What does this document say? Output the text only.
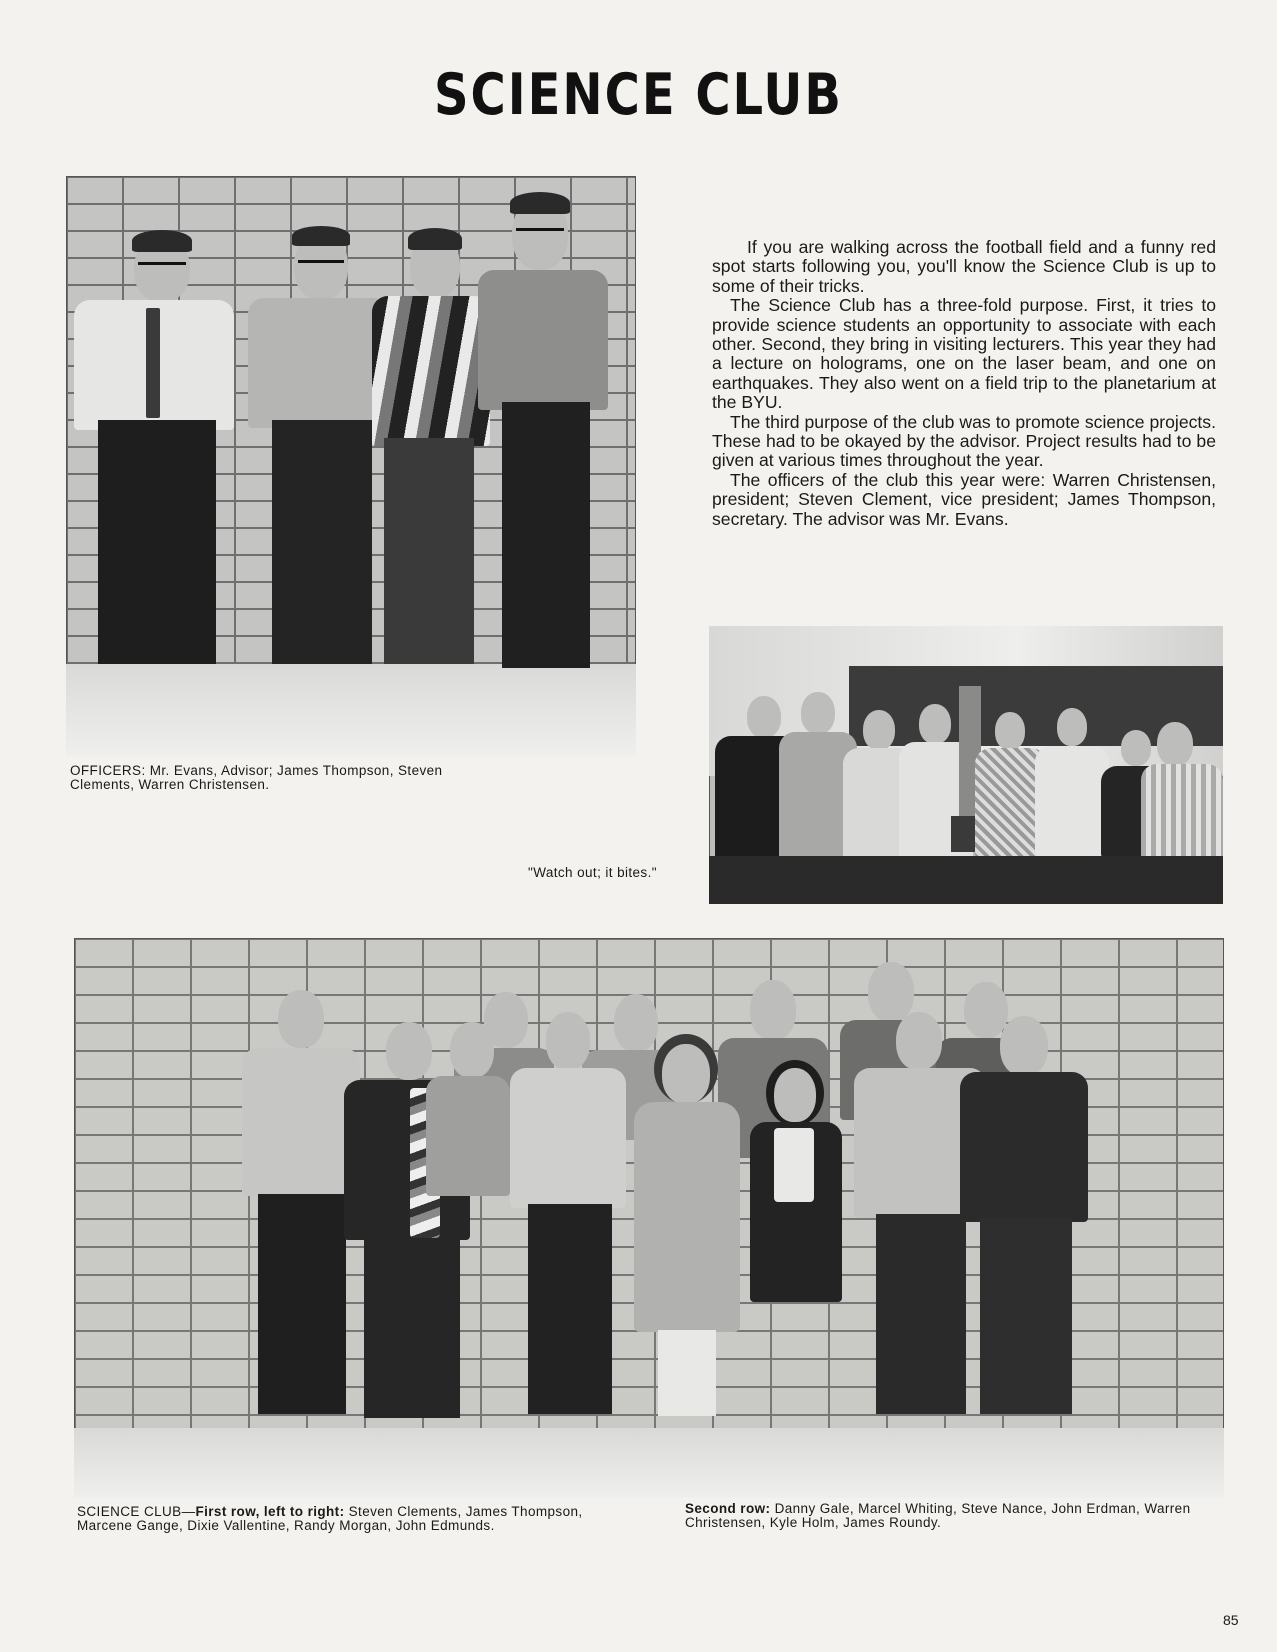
SCIENCE CLUB

If you are walking across the football field and a funny red spot starts following you, you'll know the Science Club is up to some of their tricks.

The Science Club has a three-fold purpose. First, it tries to provide science students an opportunity to associate with each other. Second, they bring in visiting lecturers. This year they had a lecture on holograms, one on the laser beam, and one on earthquakes. They also went on a field trip to the planetarium at the BYU.

The third purpose of the club was to promote science projects. These had to be okayed by the advisor. Project results had to be given at various times throughout the year.

The officers of the club this year were: Warren Christensen, president; Steven Clement, vice president; James Thompson, secretary. The advisor was Mr. Evans.

OFFICERS: Mr. Evans, Advisor; James Thompson, Steven Clements, Warren Christensen.
"Watch out; it bites."
SCIENCE CLUB—First row, left to right: Steven Clements, James Thompson, Marcene Gange, Dixie Vallentine, Randy Morgan, John Edmunds.
Second row: Danny Gale, Marcel Whiting, Steve Nance, John Erdman, Warren Christensen, Kyle Holm, James Roundy.
85
